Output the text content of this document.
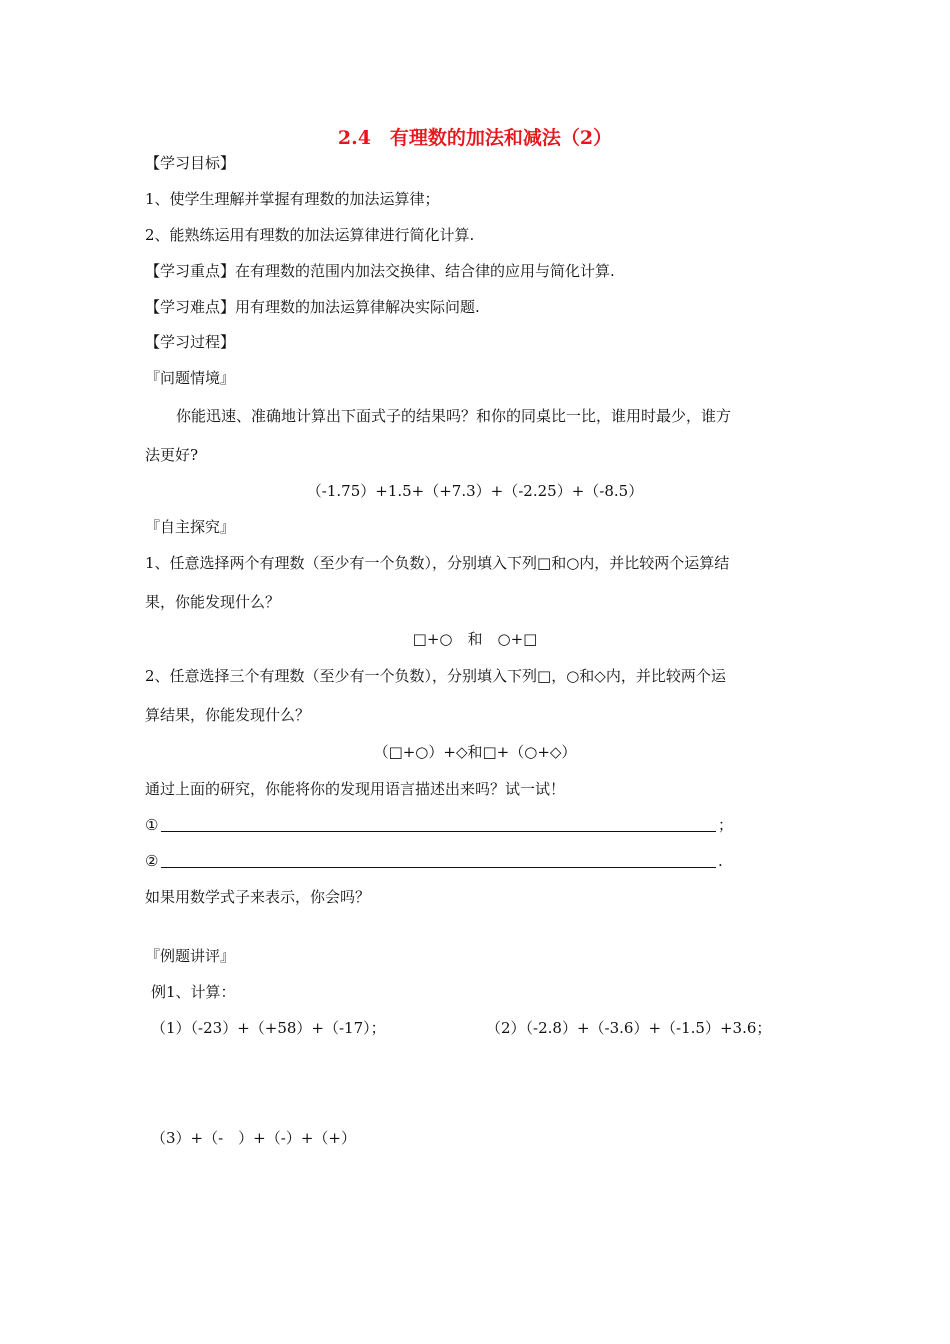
2.4　有理数的加法和减法（2）
【学习目标】
1、使学生理解并掌握有理数的加法运算律；
2、能熟练运用有理数的加法运算律进行简化计算.
【学习重点】在有理数的范围内加法交换律、结合律的应用与简化计算.
【学习难点】用有理数的加法运算律解决实际问题.
【学习过程】
『问题情境』
你能迅速、准确地计算出下面式子的结果吗？和你的同桌比一比，谁用时最少，谁方
法更好?
（-1.75）+1.5+（+7.3）+（-2.25）+（-8.5）
『自主探究』
1、任意选择两个有理数（至少有一个负数），分别填入下列□和○内，并比较两个运算结
果，你能发现什么？
□+○　和　○+□
2、任意选择三个有理数（至少有一个负数），分别填入下列□，○和◇内，并比较两个运
算结果，你能发现什么？
（□+○）+◇和□+（○+◇）
通过上面的研究，你能将你的发现用语言描述出来吗？试一试！
①	；
②	.
如果用数学式子来表示，你会吗？
『例题讲评』
例1、计算：
（1）（-23）+（+58）+（-17）；	（2）（-2.8）+（-3.6）+（-1.5）+3.6；
（3）+（-　）+（-）+（+）
